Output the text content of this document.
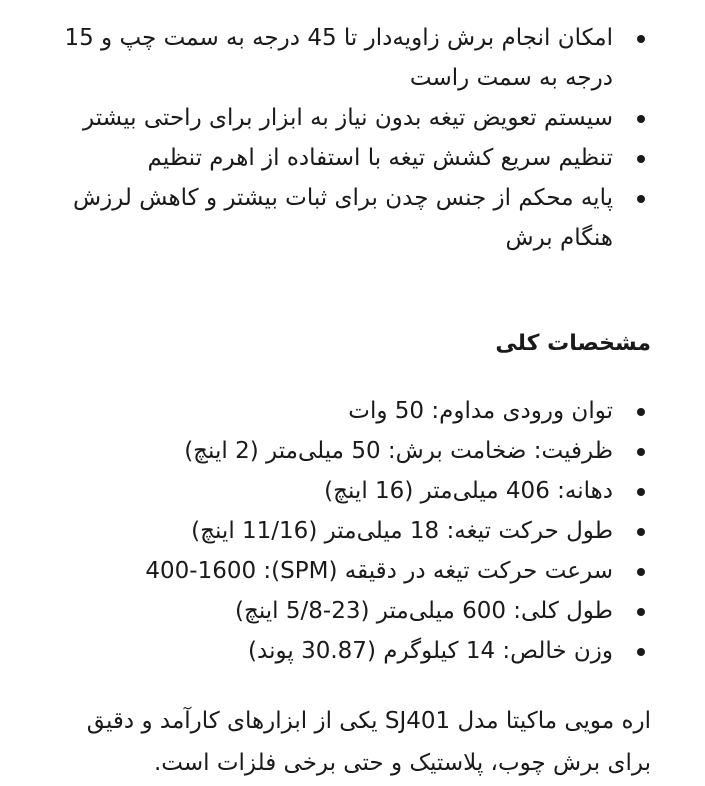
امکان انجام برش زاویه‌دار تا 45 درجه به سمت چپ و 15 درجه به سمت راست
سیستم تعویض تیغه بدون نیاز به ابزار برای راحتی بیشتر
تنظیم سریع کشش تیغه با استفاده از اهرم تنظیم
پایه محکم از جنس چدن برای ثبات بیشتر و کاهش لرزش هنگام برش
مشخصات کلی
توان ورودی مداوم: 50 وات
ظرفیت: ضخامت برش: 50 میلی‌متر (2 اینچ)
دهانه: 406 میلی‌متر (16 اینچ)
طول حرکت تیغه: 18 میلی‌متر (11/16 اینچ)
سرعت حرکت تیغه در دقیقه (SPM): 400-1600
طول کلی: 600 میلی‌متر (23-5/8 اینچ)
وزن خالص: 14 کیلوگرم (30.87 پوند)

اره مویی ماکیتا مدل SJ401 یکی از ابزارهای کارآمد و دقیق برای برش چوب، پلاستیک و حتی برخی فلزات است.
